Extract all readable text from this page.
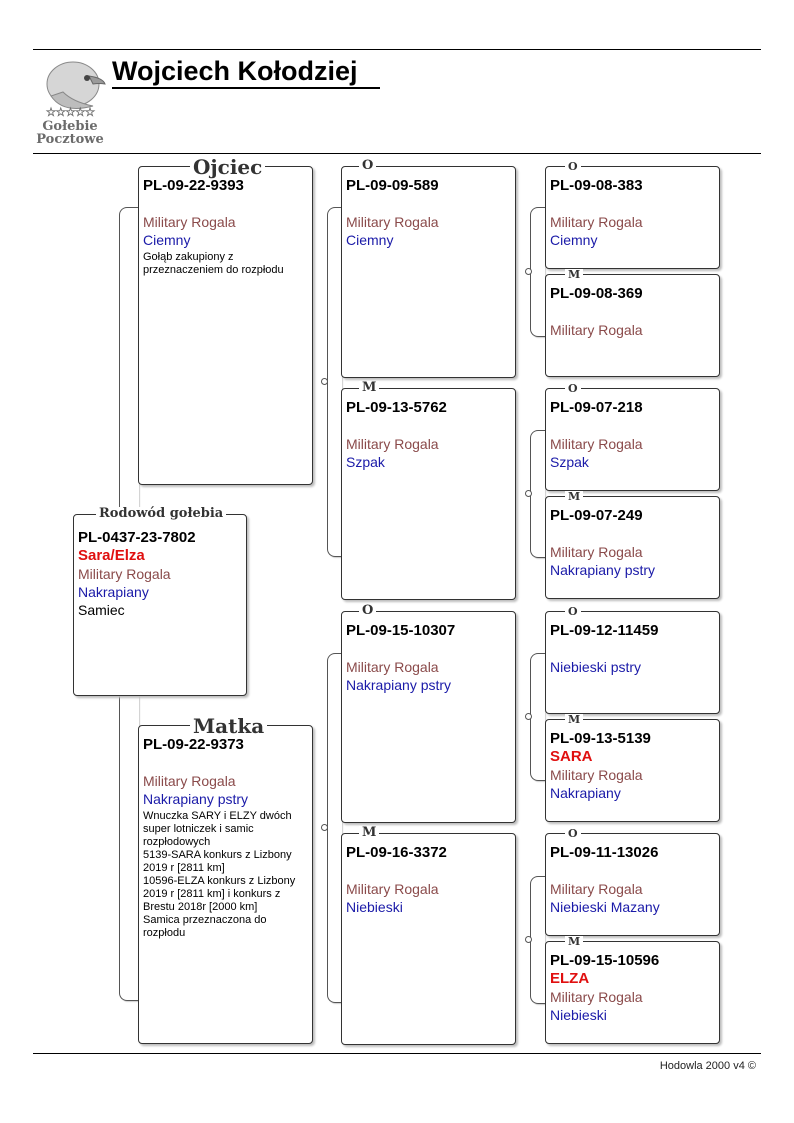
☆☆☆☆☆
Gołebie
Pocztowe
Wojciech Kołodziej
PL-0437-23-7802
Sara/Elza
Military Rogala
Nakrapiany
Samiec
Rodowód gołebia
PL-09-22-9393
Military Rogala
Ciemny
Gołąb zakupiony z przeznaczeniem do rozpłodu
Ojciec
PL-09-22-9373
Military Rogala
Nakrapiany pstry
Wnuczka SARY i ELZY dwóch super lotniczek i samic rozpłodowych
5139-SARA konkurs z Lizbony 2019 r [2811 km]
10596-ELZA konkurs z Lizbony 2019 r [2811 km] i konkurs z Brestu 2018r [2000 km]
Samica przeznaczona do rozpłodu
Matka
PL-09-09-589
Military Rogala
Ciemny
O
PL-09-13-5762
Military Rogala
Szpak
M
PL-09-15-10307
Military Rogala
Nakrapiany pstry
O
PL-09-16-3372
Military Rogala
Niebieski
M
PL-09-08-383
Military Rogala
Ciemny
O
PL-09-08-369
Military Rogala
M
PL-09-07-218
Military Rogala
Szpak
O
PL-09-07-249
Military Rogala
Nakrapiany pstry
M
PL-09-12-11459
Niebieski pstry
O
PL-09-13-5139
SARA
Military Rogala
Nakrapiany
M
PL-09-11-13026
Military Rogala
Niebieski Mazany
O
PL-09-15-10596
ELZA
Military Rogala
Niebieski
M
Hodowla 2000 v4 ©
